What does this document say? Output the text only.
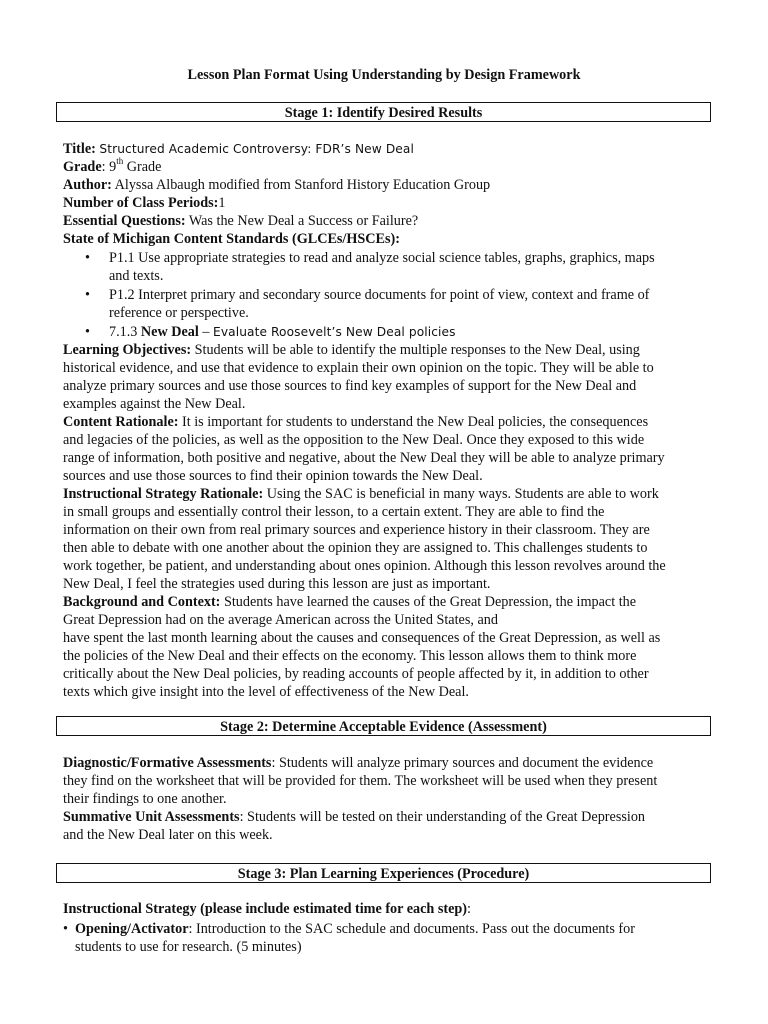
Lesson Plan Format Using Understanding by Design Framework
Stage 1: Identify Desired Results
Title: Structured Academic Controversy: FDR’s New Deal
Grade: 9th Grade
Author: Alyssa Albaugh modified from Stanford History Education Group
Number of Class Periods:1
Essential Questions: Was the New Deal a Success or Failure?
State of Michigan Content Standards (GLCEs/HSCEs):
• P1.1 Use appropriate strategies to read and analyze social science tables, graphs, graphics, maps
and texts.
• P1.2 Interpret primary and secondary source documents for point of view, context and frame of
reference or perspective.
• 7.1.3 New Deal – Evaluate Roosevelt’s New Deal policies
Learning Objectives: Students will be able to identify the multiple responses to the New Deal, using
historical evidence, and use that evidence to explain their own opinion on the topic. They will be able to
analyze primary sources and use those sources to find key examples of support for the New Deal and
examples against the New Deal.
Content Rationale: It is important for students to understand the New Deal policies, the consequences
and legacies of the policies, as well as the opposition to the New Deal. Once they exposed to this wide
range of information, both positive and negative, about the New Deal they will be able to analyze primary
sources and use those sources to find their opinion towards the New Deal.
Instructional Strategy Rationale: Using the SAC is beneficial in many ways. Students are able to work
in small groups and essentially control their lesson, to a certain extent. They are able to find the
information on their own from real primary sources and experience history in their classroom. They are
then able to debate with one another about the opinion they are assigned to. This challenges students to
work together, be patient, and understanding about ones opinion. Although this lesson revolves around the
New Deal, I feel the strategies used during this lesson are just as important.
Background and Context: Students have learned the causes of the Great Depression, the impact the
Great Depression had on the average American across the United States, and
have spent the last month learning about the causes and consequences of the Great Depression, as well as
the policies of the New Deal and their effects on the economy. This lesson allows them to think more
critically about the New Deal policies, by reading accounts of people affected by it, in addition to other
texts which give insight into the level of effectiveness of the New Deal.
Stage 2: Determine Acceptable Evidence (Assessment)
Diagnostic/Formative Assessments: Students will analyze primary sources and document the evidence
they find on the worksheet that will be provided for them. The worksheet will be used when they present
their findings to one another.
Summative Unit Assessments: Students will be tested on their understanding of the Great Depression
and the New Deal later on this week.
Stage 3: Plan Learning Experiences (Procedure)
Instructional Strategy (please include estimated time for each step):
• Opening/Activator: Introduction to the SAC schedule and documents. Pass out the documents for
students to use for research. (5 minutes)
